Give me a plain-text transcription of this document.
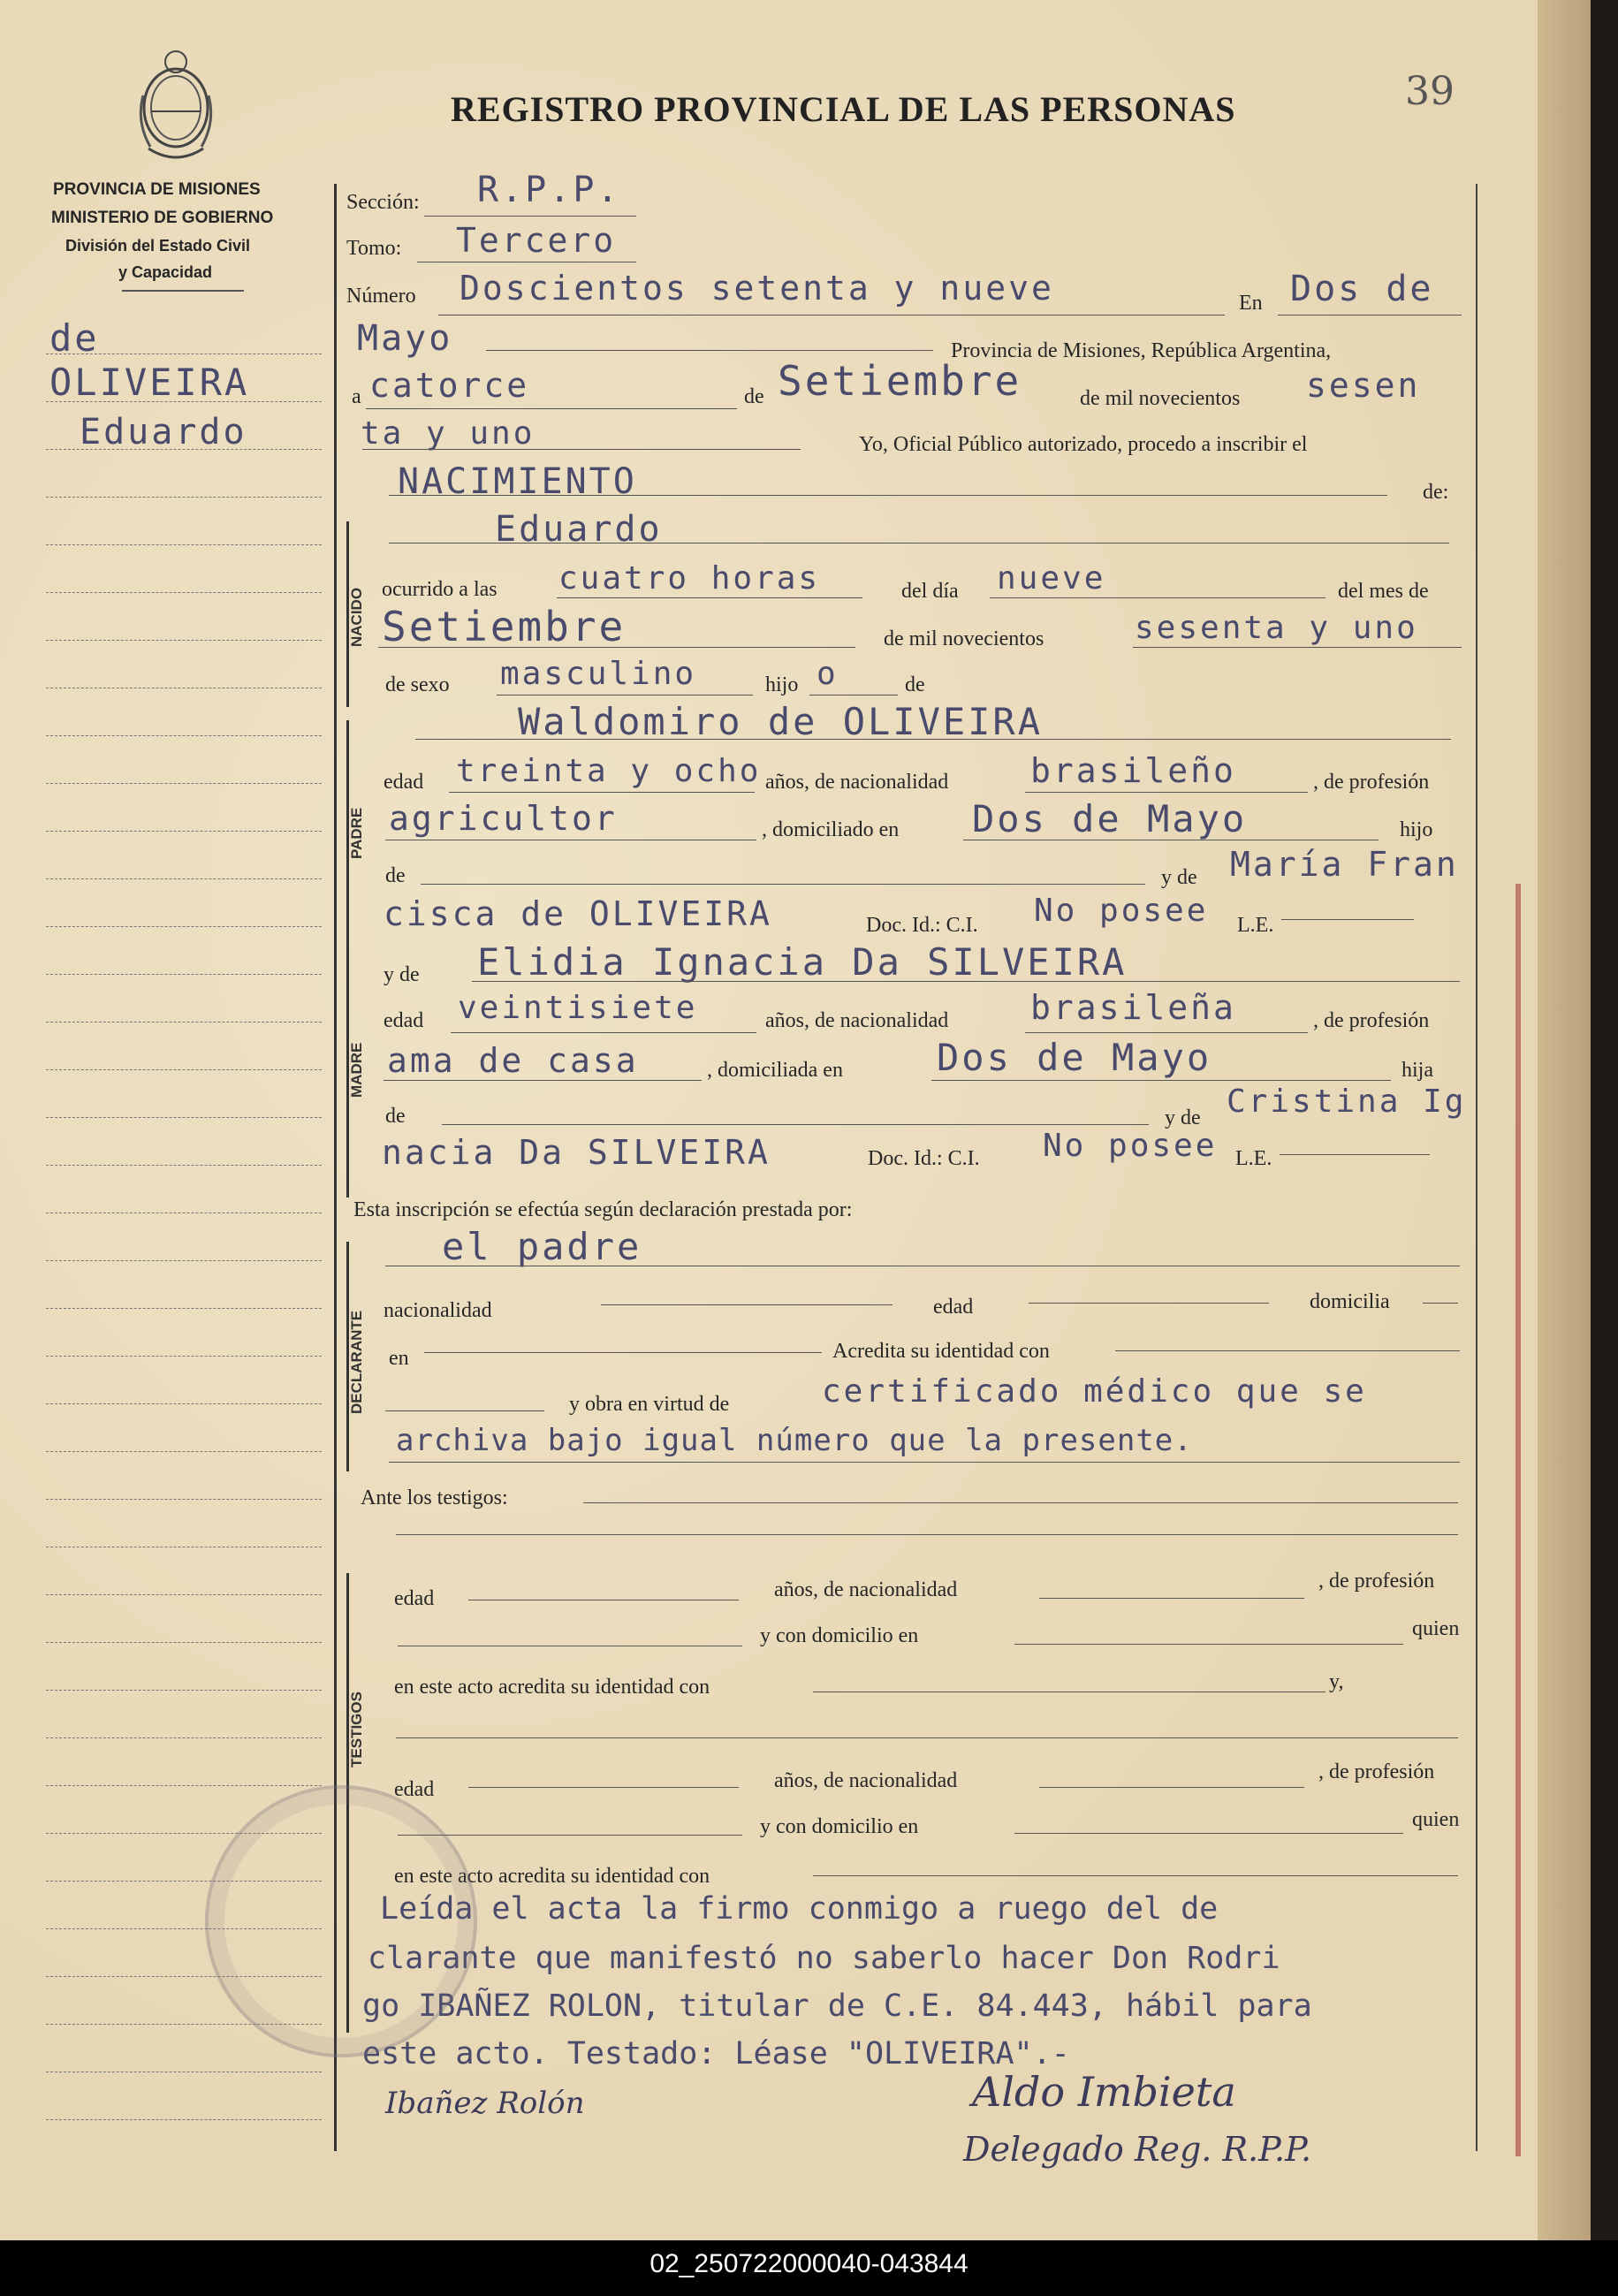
REGISTRO PROVINCIAL DE LAS PERSONAS	39
PROVINCIA DE MISIONES
MINISTERIO DE GOBIERNO
División del Estado Civil
y Capacidad
de
OLIVEIRA
Eduardo
NACIDO
PADRE
MADRE
DECLARANTE
TESTIGOS
Sección: R.P.P.
Tomo: Tercero
Número Doscientos setenta y nueve	En Dos de
Mayo	Provincia de Misiones, República Argentina,
a catorce	de Setiembre	de mil novecientos sesen
ta y uno	Yo, Oficial Público autorizado, procedo a inscribir el
NACIMIENTO	de:
Eduardo
ocurrido a las cuatro horas	del día nueve	del mes de
Setiembre	de mil novecientos	sesenta y uno
de sexo masculino	hijo o	de
Waldomiro de OLIVEIRA
edad treinta y ocho años, de nacionalidad brasileño	, de profesión
agricultor	, domiciliado en Dos de Mayo	hijo
de	y de María Fran
cisca de OLIVEIRA	Doc. Id.: C.I. No posee L.E.
y de Elidia Ignacia Da SILVEIRA
edad veintisiete	años, de nacionalidad brasileña	, de profesión
ama de casa	, domiciliada en	Dos de Mayo	hija
de	y de Cristina Ig
nacia Da SILVEIRA	Doc. Id.: C.I. No posee L.E.
Esta inscripción se efectúa según declaración prestada por:
el padre
nacionalidad	edad	domicilia
en	Acredita su identidad con
y obra en virtud de	certificado médico que se
archiva bajo igual número que la presente.
Ante los testigos:
edad	años, de nacionalidad	, de profesión
y con domicilio en	quien
en este acto acredita su identidad con	y,
edad	años, de nacionalidad	, de profesión
y con domicilio en	quien
en este acto acredita su identidad con
Leída el acta la firmo conmigo a ruego del de
clarante que manifestó no saberlo hacer Don Rodri
go IBAÑEZ ROLON, titular de C.E. 84.443, hábil para
este acto. Testado: Léase "OLIVEIRA".-
Aldo Imbieta
Delegado Reg. R.P.P.
Ibañez Rolón
02_250722000040-043844
